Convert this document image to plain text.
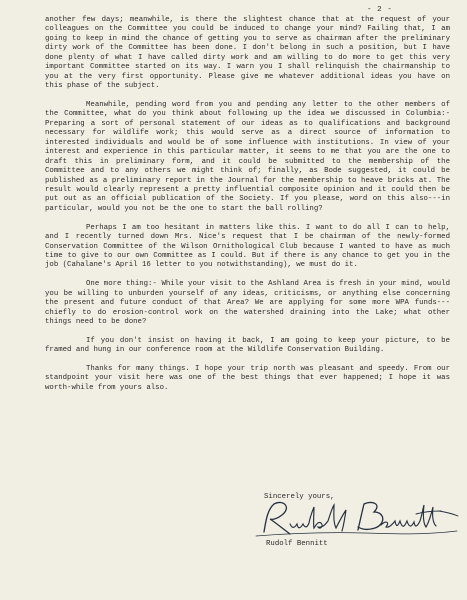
- 2 -

another few days; meanwhile, is there the slightest chance that at the request of your colleagues on the Committee you could be induced to change your mind? Failing that, I am going to keep in mind the chance of getting you to serve as chairman after the preliminary dirty work of the Committee has been done. I don't belong in such a position, but I have done plenty of what I have called dirty work and am willing to do more to get this very important Committee started on its way. I warn you I shall relinquish the chairmanship to you at the very first opportunity. Please give me whatever additional ideas you have on this phase of the subject.

Meanwhile, pending word from you and pending any letter to the other members of the Committee, what do you think about following up the idea we discussed in Columbia:- Preparing a sort of personal statement of our ideas as to qualifications and background necessary for wildlife work; this would serve as a direct source of information to interested individuals and would be of some influence with institutions. In view of your interest and experience in this particular matter, it seems to me that you are the one to draft this in preliminary form, and it could be submitted to the membership of the Committee and to any others we might think of; finally, as Bode suggested, it could be published as a preliminary report in the Journal for the membership to heave bricks at. The result would clearly represent a pretty influential composite opinion and it could then be put out as an official publication of the Society. If you please, word on this also---in particular, would you not be the one to start the ball rolling?

Perhaps I am too hesitant in matters like this. I want to do all I can to help, and I recently turned down Mrs. Nice's request that I be chairman of the newly-formed Conservation Committee of the Wilson Ornithological Club because I wanted to have as much time to give to our own Committee as I could. But if there is any chance to get you in the job (Cahalane's April 16 letter to you notwithstanding), we must do it.

One more thing:- While your visit to the Ashland Area is fresh in your mind, would you be willing to unburden yourself of any ideas, criticisms, or anything else concerning the present and future conduct of that Area? We are applying for some more WPA funds---chiefly to do erosion-control work on the watershed draining into the Lake; what other things need to be done?

If you don't insist on having it back, I am going to keep your picture, to be framed and hung in our conference room at the Wildlife Conservation Building.

Thanks for many things. I hope your trip north was pleasant and speedy. From our standpoint your visit here was one of the best things that ever happened; I hope it was worth-while from yours also.

Sincerely yours,
Rudolf Bennitt
